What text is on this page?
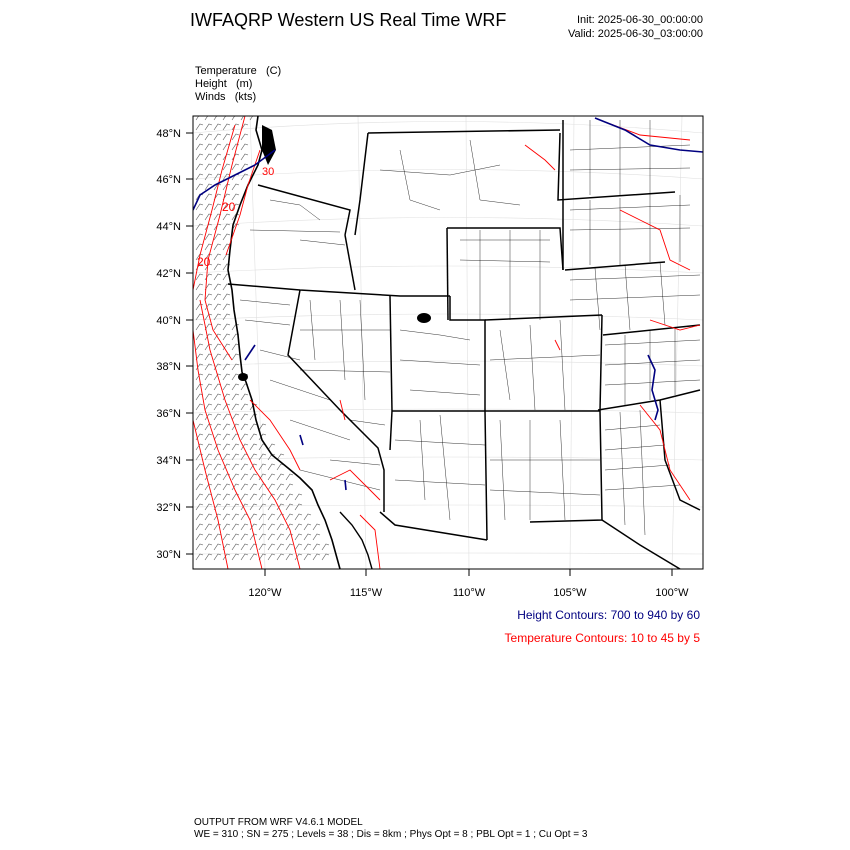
IWFAQRP Western US Real Time WRF	Init: 2025-06-30_00:00:00
Valid: 2025-06-30_03:00:00
Temperature (C)
Height (m)
Winds (kts)
20
20
30
48°N
46°N
44°N
42°N
40°N
38°N
36°N
34°N
32°N
30°N
120°W	115°W	110°W	105°W	100°W
Height Contours: 700 to 940 by 60
Temperature Contours: 10 to 45 by 5
OUTPUT FROM WRF V4.6.1 MODEL
WE = 310 ; SN = 275 ; Levels = 38 ; Dis = 8km ; Phys Opt = 8 ; PBL Opt = 1 ; Cu Opt = 3
